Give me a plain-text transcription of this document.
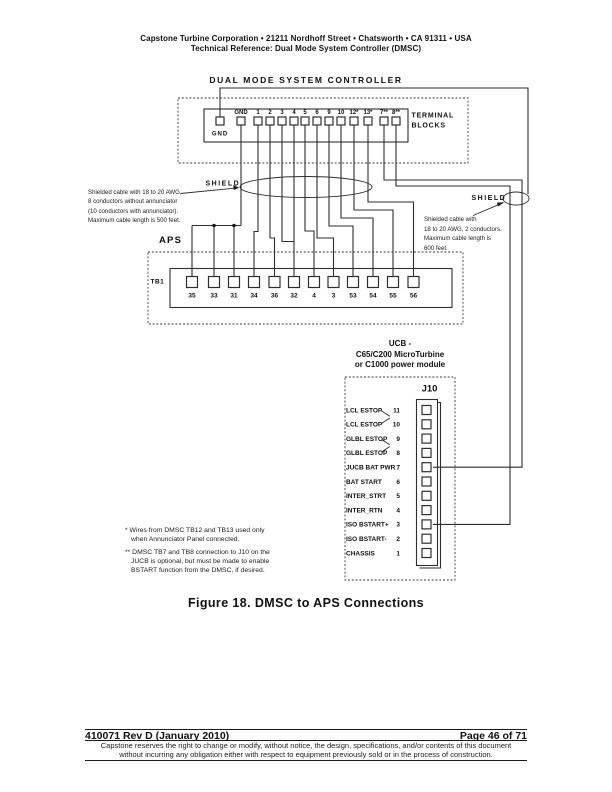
GND
GND 1 2 3 4 5 6 9 10 12* 13* 7** 8**
35 33 31 34 36 32 4 3 53 54 55 56
LCL ESTOP 11
LCL ESTOP 10
GLBL ESTOP 9
GLBL ESTOP 8
JUCB BAT PWR 7
BAT START 6
INTER_STRT 5
INTER_RTN 4
ISO BSTART+ 3
ISO BSTART- 2
CHASSIS	1
TERMINAL
BLOCKS
SHIELD
SHIELD
APS
TB1
J10
Capstone Turbine Corporation • 21211 Nordhoff Street • Chatsworth • CA 91311 • USA
Technical Reference: Dual Mode System Controller (DMSC)
DUAL MODE SYSTEM CONTROLLER
Shielded cable with 18 to 20 AWG,
8 conductors without annunciator
(10 conductors with annunciator).
Maximum cable length is 500 feet.	Shielded cable with
18 to 20 AWG, 2 conductors.
Maximum cable length is
600 feet.
UCB -
C65/C200 MicroTurbine
or C1000 power module
* Wires from DMSC TB12 and TB13 used only
when Annunciator Panel connected.
** DMSC TB7 and TB8 connection to J10 on the
JUCB is optional, but must be made to enable
BSTART function from the DMSC, if desired.
Figure 18. DMSC to APS Connections
410071 Rev D (January 2010)	Page 46 of 71
Capstone reserves the right to change or modify, without notice, the design, specifications, and/or contents of this document
without incurring any obligation either with respect to equipment previously sold or in the process of construction.
